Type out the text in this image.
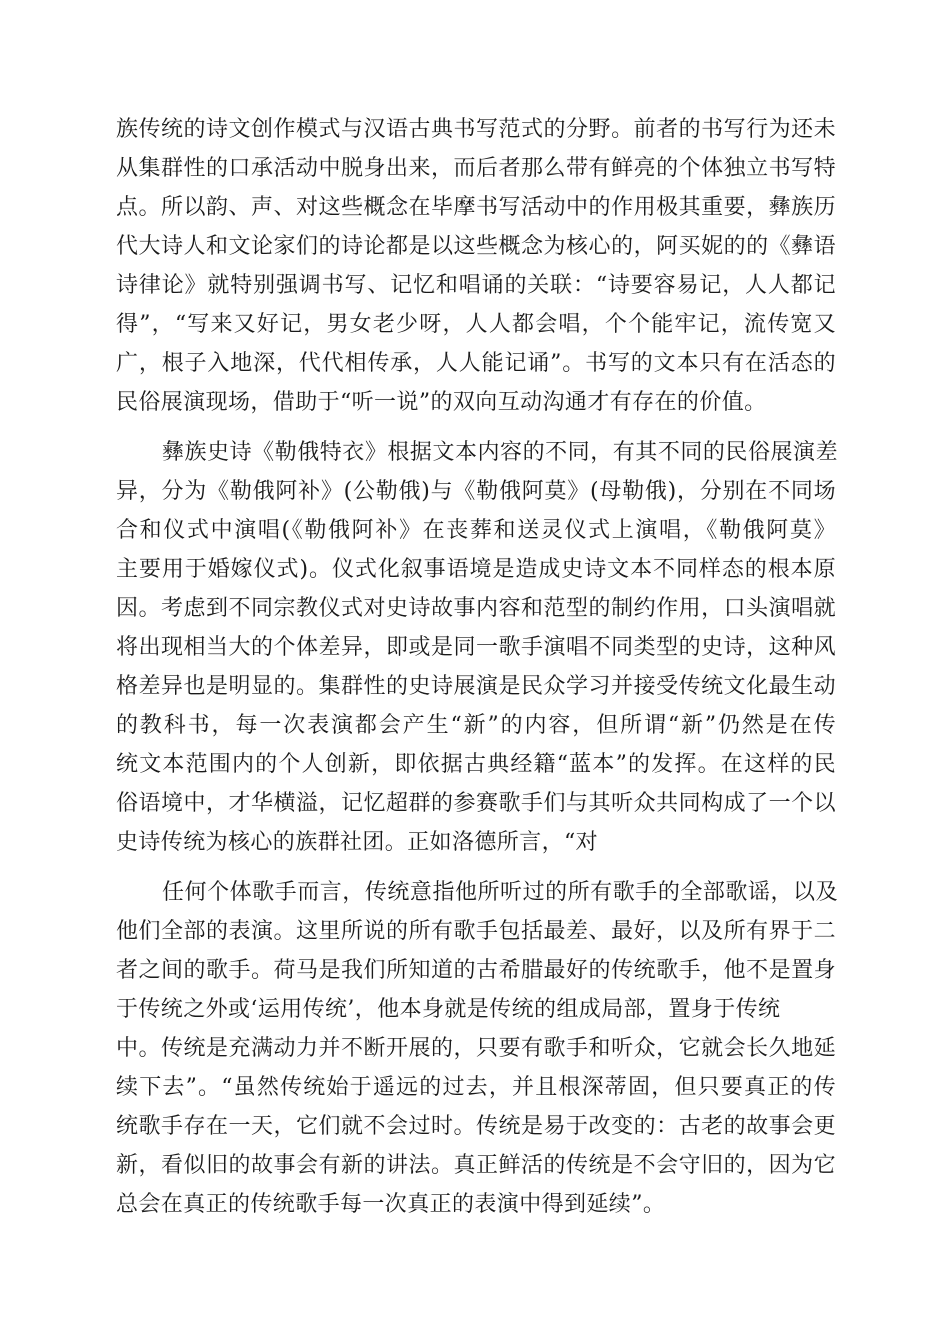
族传统的诗文创作模式与汉语古典书写范式的分野。前者的书写行为还未
从集群性的口承活动中脱身出来，而后者那么带有鲜亮的个体独立书写特
点。所以韵、声、对这些概念在毕摩书写活动中的作用极其重要，彝族历
代大诗人和文论家们的诗论都是以这些概念为核心的，阿买妮的的《彝语
诗律论》就特别强调书写、记忆和唱诵的关联：“诗要容易记，人人都记
得”，“写来又好记，男女老少呀，人人都会唱，个个能牢记，流传宽又
广，根子入地深，代代相传承，人人能记诵”。书写的文本只有在活态的
民俗展演现场，借助于“听一说”的双向互动沟通才有存在的价值。
彝族史诗《勒俄特衣》根据文本内容的不同，有其不同的民俗展演差
异，分为《勒俄阿补》(公勒俄)与《勒俄阿莫》(母勒俄)，分别在不同场
合和仪式中演唱(《勒俄阿补》在丧葬和送灵仪式上演唱，《勒俄阿莫》
主要用于婚嫁仪式)。仪式化叙事语境是造成史诗文本不同样态的根本原
因。考虑到不同宗教仪式对史诗故事内容和范型的制约作用，口头演唱就
将出现相当大的个体差异，即或是同一歌手演唱不同类型的史诗，这种风
格差异也是明显的。集群性的史诗展演是民众学习并接受传统文化最生动
的教科书，每一次表演都会产生“新”的内容，但所谓“新”仍然是在传
统文本范围内的个人创新，即依据古典经籍“蓝本”的发挥。在这样的民
俗语境中，才华横溢，记忆超群的参赛歌手们与其听众共同构成了一个以
史诗传统为核心的族群社团。正如洛德所言，“对
任何个体歌手而言，传统意指他所听过的所有歌手的全部歌谣，以及
他们全部的表演。这里所说的所有歌手包括最差、最好，以及所有界于二
者之间的歌手。荷马是我们所知道的古希腊最好的传统歌手，他不是置身
于传统之外或‘运用传统’，他本身就是传统的组成局部，置身于传统
中。传统是充满动力并不断开展的，只要有歌手和听众，它就会长久地延
续下去”。“虽然传统始于遥远的过去，并且根深蒂固，但只要真正的传
统歌手存在一天，它们就不会过时。传统是易于改变的：古老的故事会更
新，看似旧的故事会有新的讲法。真正鲜活的传统是不会守旧的，因为它
总会在真正的传统歌手每一次真正的表演中得到延续”。
